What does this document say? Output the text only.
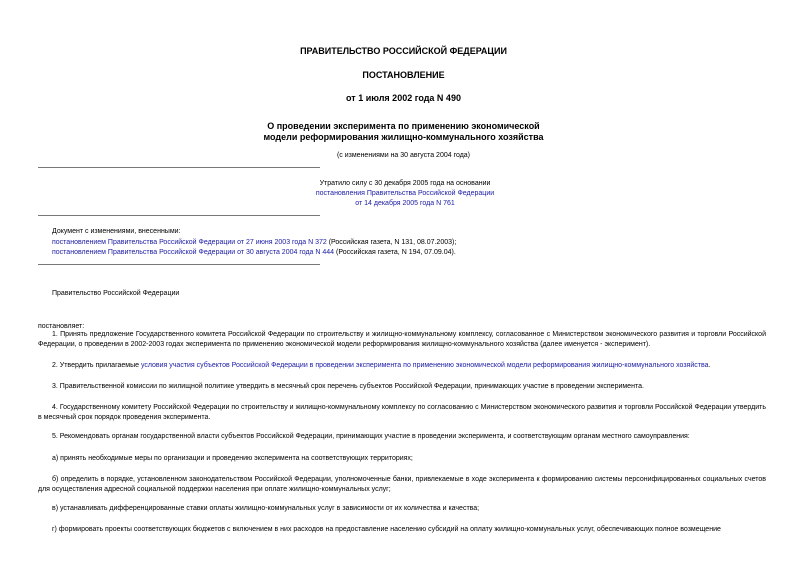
ПРАВИТЕЛЬСТВО РОССИЙСКОЙ ФЕДЕРАЦИИ
ПОСТАНОВЛЕНИЕ
от 1 июля 2002 года N 490
О проведении эксперимента по применению экономической
модели реформирования жилищно-коммунального хозяйства
(с изменениями на 30 августа 2004 года)
Утратило силу с 30 декабря 2005 года на основании
постановления Правительства Российской Федерации
от 14 декабря 2005 года N 761
Документ с изменениями, внесенными:
постановлением Правительства Российской Федерации от 27 июня 2003 года N 372 (Российская газета, N 131, 08.07.2003);
постановлением Правительства Российской Федерации от 30 августа 2004 года N 444 (Российская газета, N 194, 07.09.04).
Правительство Российской Федерации
постановляет:
1. Принять предложение Государственного комитета Российской Федерации по строительству и жилищно-коммунальному комплексу, согласованное с Министерством экономического развития и торговли Российской Федерации, о проведении в 2002-2003 годах эксперимента по применению экономической модели реформирования жилищно-коммунального хозяйства (далее именуется - эксперимент).
2. Утвердить прилагаемые условия участия субъектов Российской Федерации в проведении эксперимента по применению экономической модели реформирования жилищно-коммунального хозяйства.
3. Правительственной комиссии по жилищной политике утвердить в месячный срок перечень субъектов Российской Федерации, принимающих участие в проведении эксперимента.
4. Государственному комитету Российской Федерации по строительству и жилищно-коммунальному комплексу по согласованию с Министерством экономического развития и торговли Российской Федерации утвердить в месячный срок порядок проведения эксперимента.
5. Рекомендовать органам государственной власти субъектов Российской Федерации, принимающих участие в проведении эксперимента, и соответствующим органам местного самоуправления:
а) принять необходимые меры по организации и проведению эксперимента на соответствующих территориях;
б) определить в порядке, установленном законодательством Российской Федерации, уполномоченные банки, привлекаемые в ходе эксперимента к формированию системы персонифицированных социальных счетов для осуществления адресной социальной поддержки населения при оплате жилищно-коммунальных услуг;
в) устанавливать дифференцированные ставки оплаты жилищно-коммунальных услуг в зависимости от их количества и качества;
г) формировать проекты соответствующих бюджетов с включением в них расходов на предоставление населению субсидий на оплату жилищно-коммунальных услуг, обеспечивающих полное возмещение
